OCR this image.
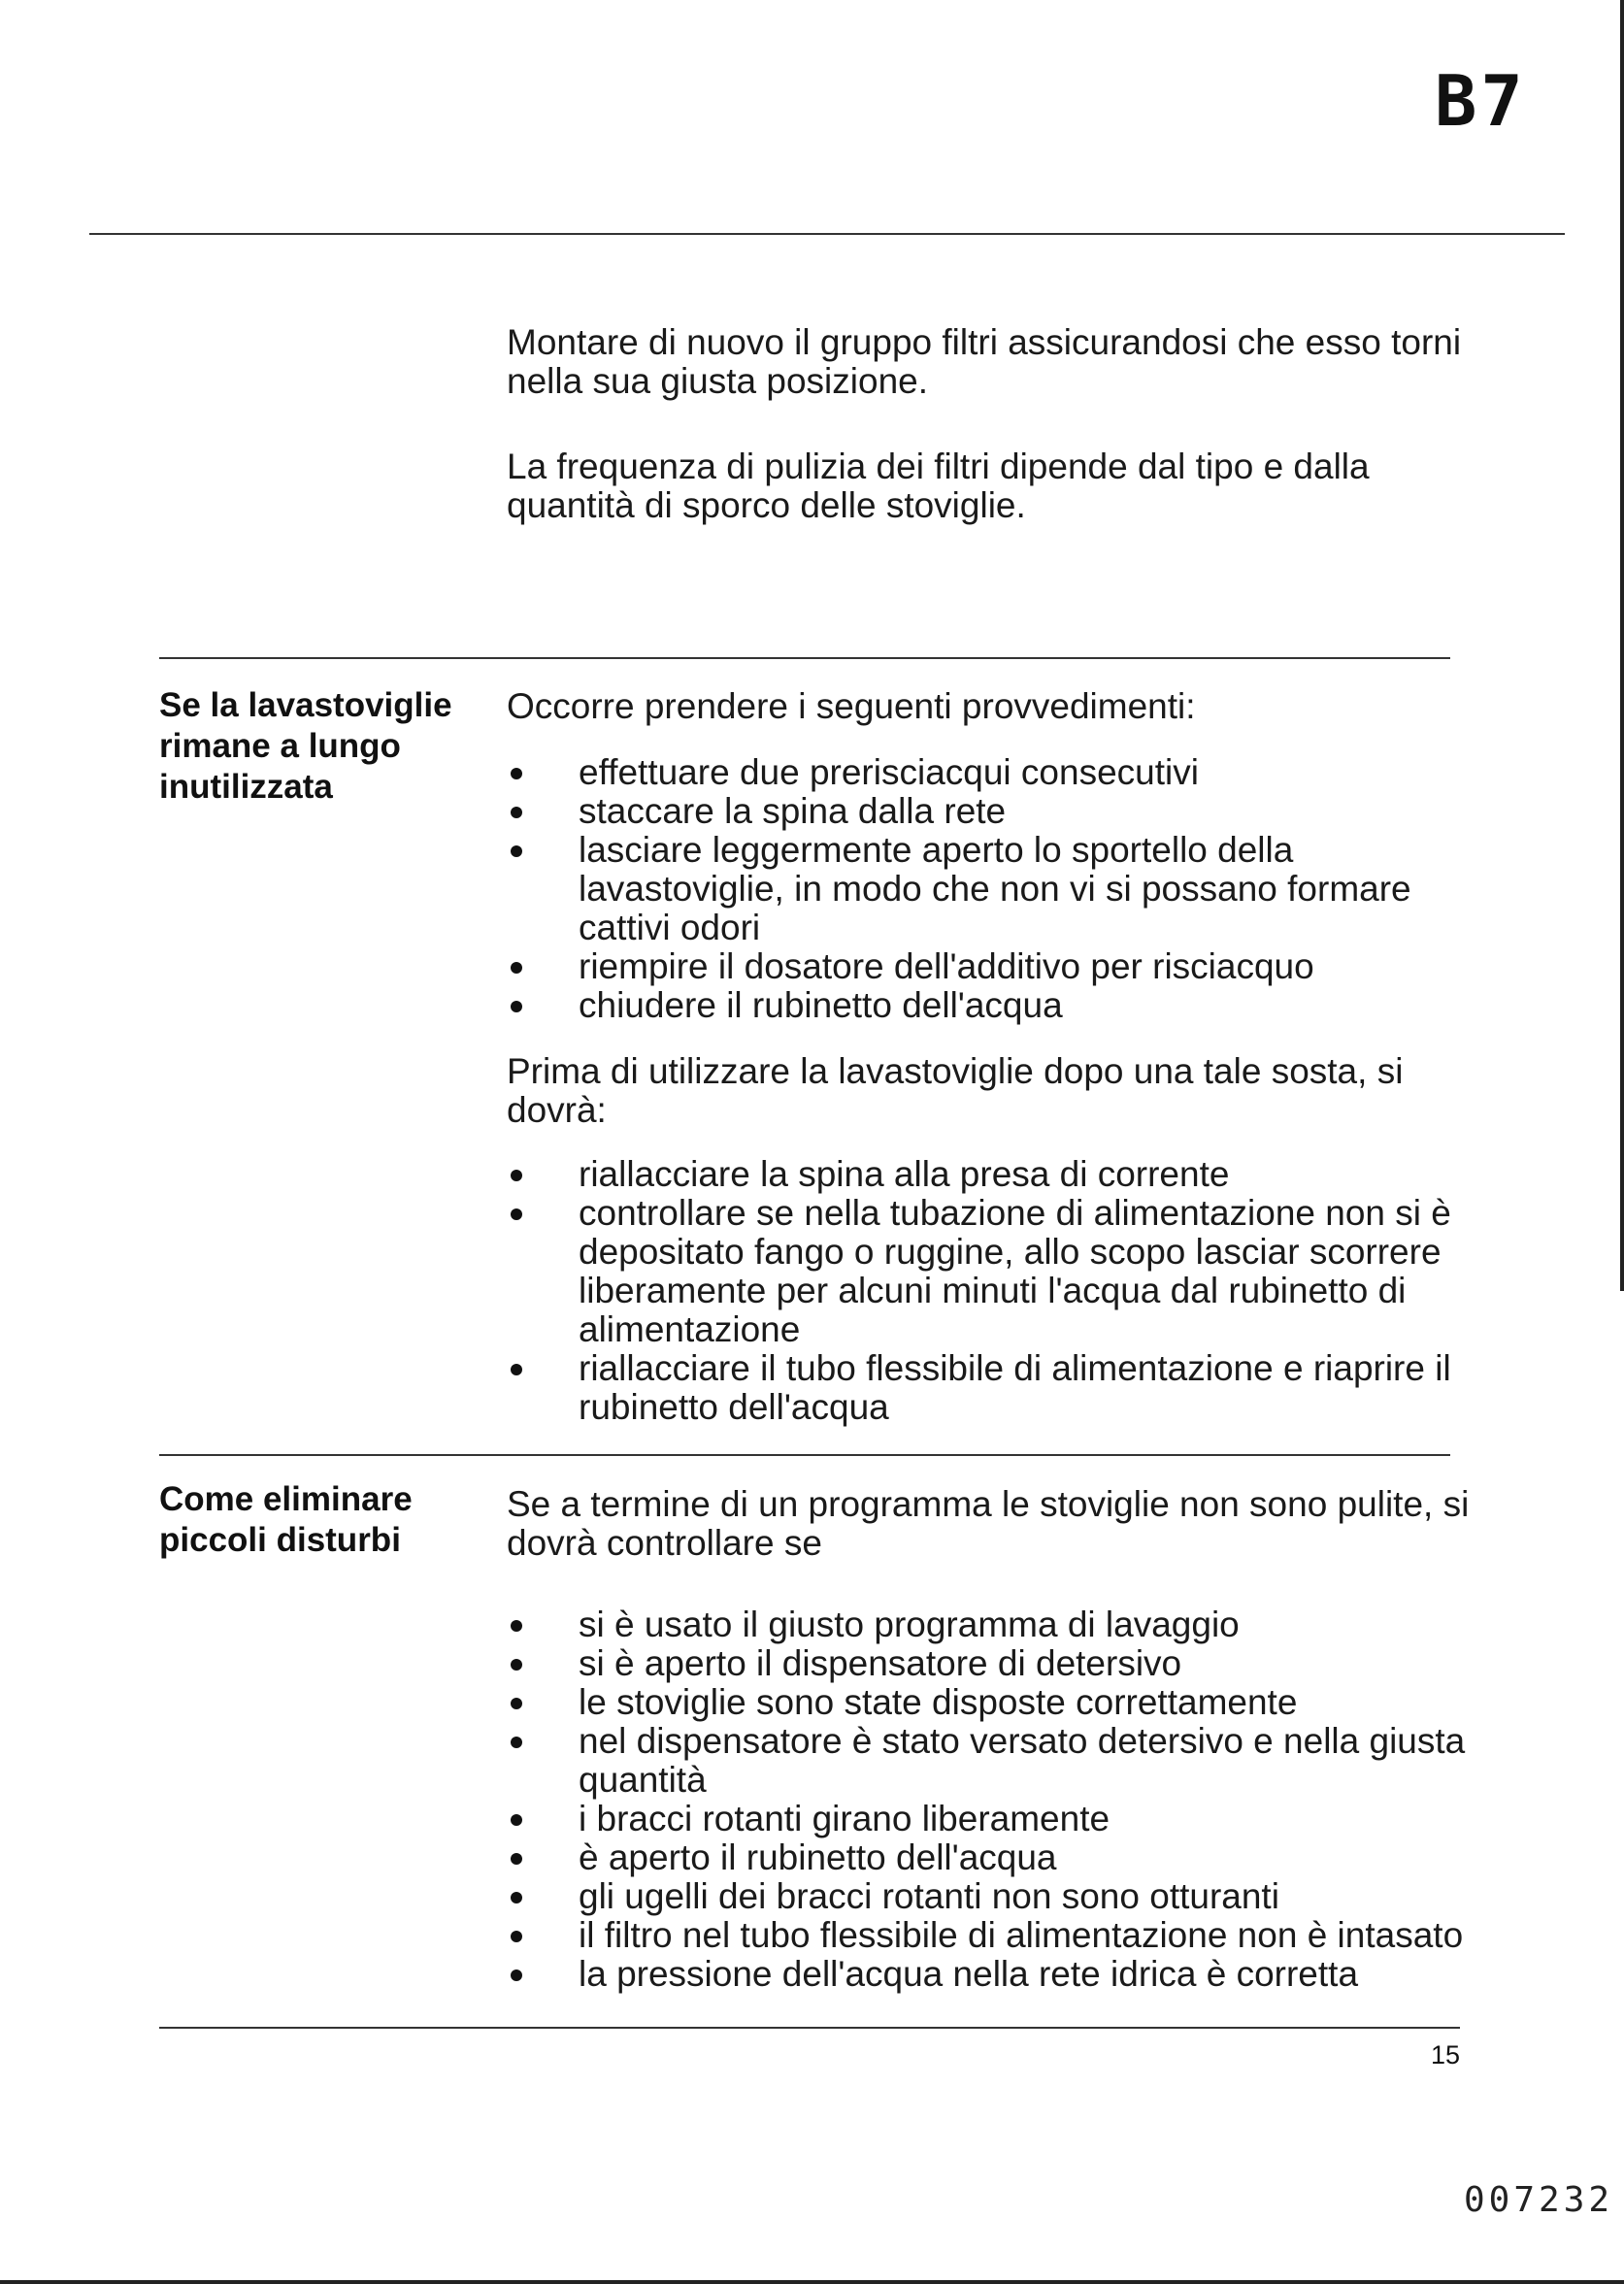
B7

Montare di nuovo il gruppo filtri assicurandosi che esso torni nella sua giusta posizione.

La frequenza di pulizia dei filtri dipende dal tipo e dalla quantità di sporco delle stoviglie.

Se la lavastoviglie rimane a lungo inutilizzata

Occorre prendere i seguenti provvedimenti:

effettuare due prerisciacqui consecutivi
staccare la spina dalla rete
lasciare leggermente aperto lo sportello della lavastoviglie, in modo che non vi si possano formare cattivi odori
riempire il dosatore dell'additivo per risciacquo
chiudere il rubinetto dell'acqua

Prima di utilizzare la lavastoviglie dopo una tale sosta, si dovrà:

riallacciare la spina alla presa di corrente
controllare se nella tubazione di alimentazione non si è depositato fango o ruggine, allo scopo lasciar scorrere liberamente per alcuni minuti l'acqua dal rubinetto di alimentazione
riallacciare il tubo flessibile di alimentazione e riaprire il rubinetto dell'acqua
Come eliminare piccoli disturbi

Se a termine di un programma le stoviglie non sono pulite, si dovrà controllare se

si è usato il giusto programma di lavaggio
si è aperto il dispensatore di detersivo
le stoviglie sono state disposte correttamente
nel dispensatore è stato versato detersivo e nella giusta quantità
i bracci rotanti girano liberamente
è aperto il rubinetto dell'acqua
gli ugelli dei bracci rotanti non sono otturanti
il filtro nel tubo flessibile di alimentazione non è intasato
la pressione dell'acqua nella rete idrica è corretta
15
007232
